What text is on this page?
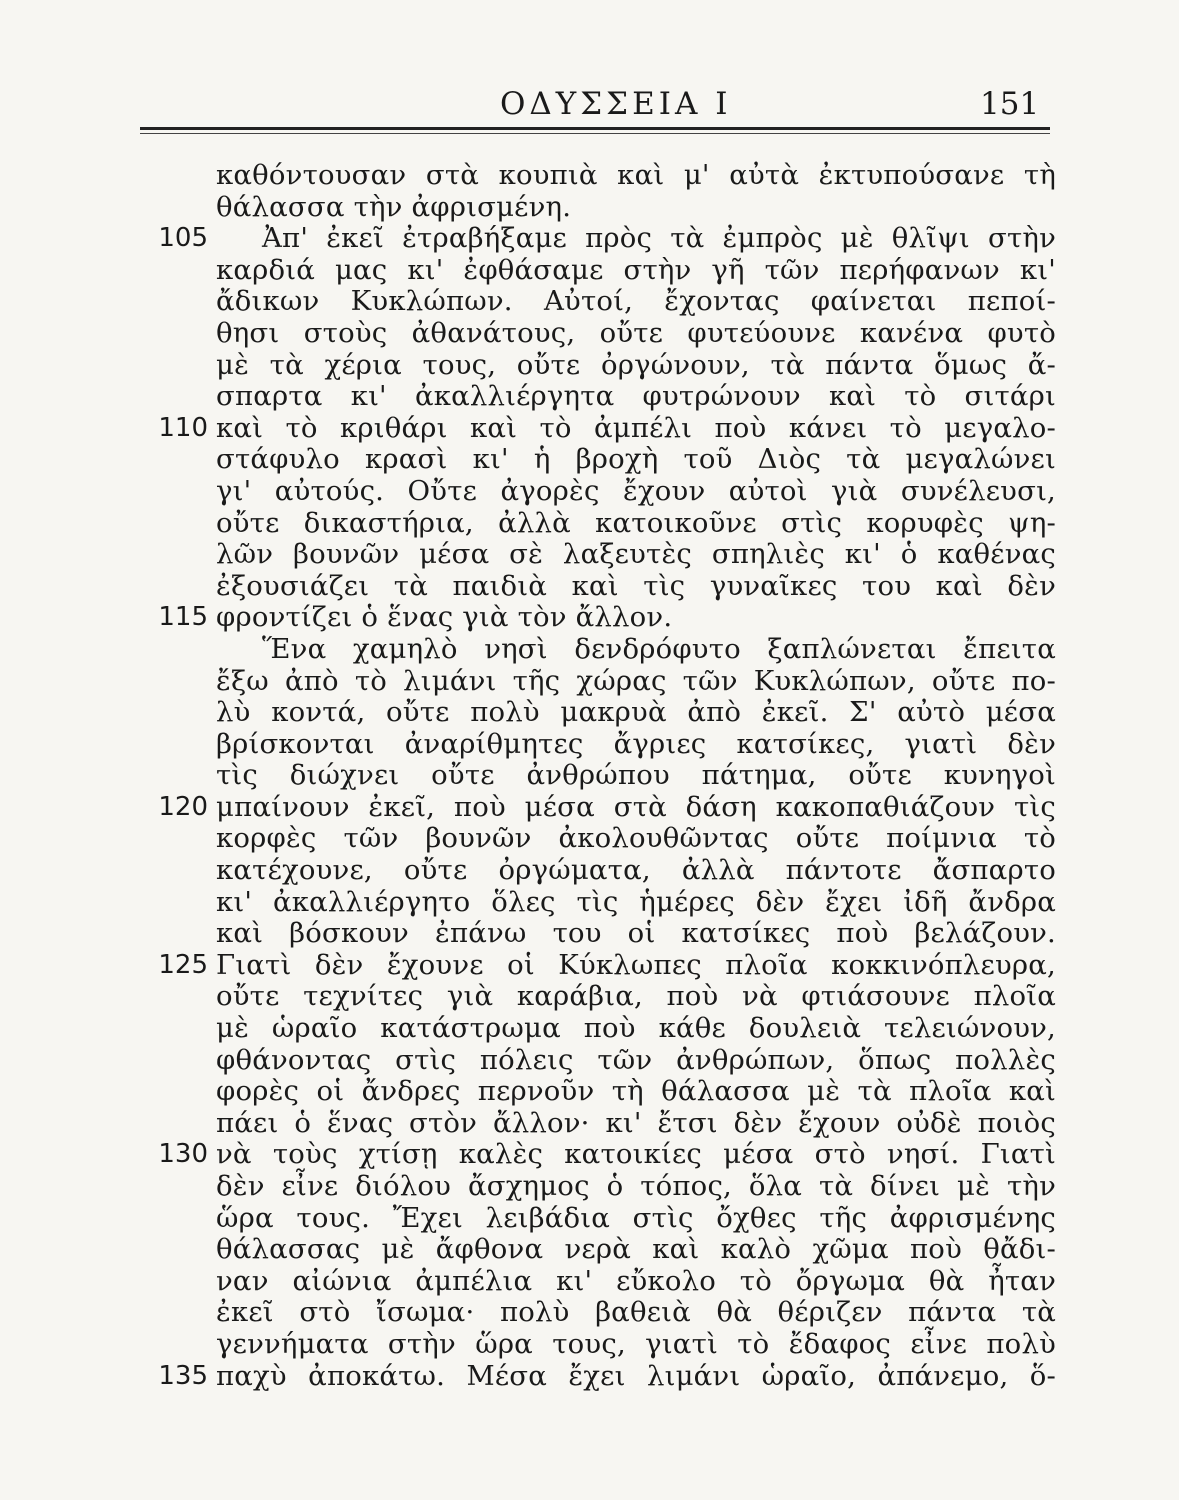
ΟΔΥΣΣΕΙΑ Ι	151
καθόντουσαν στὰ κουπιὰ καὶ μ' αὐτὰ ἐκτυπούσανε τὴ
θάλασσα τὴν ἀφρισμένη.
105 Ἀπ' ἐκεῖ ἐτραβήξαμε πρὸς τὰ ἐμπρὸς μὲ θλῖψι στὴν
καρδιά μας κι' ἐφθάσαμε στὴν γῆ τῶν περήφανων κι'
ἄδικων Κυκλώπων. Αὐτοί, ἔχοντας φαίνεται πεποί-
θησι στοὺς ἀθανάτους, οὔτε φυτεύουνε κανένα φυτὸ
μὲ τὰ χέρια τους, οὔτε ὀργώνουν, τὰ πάντα ὅμως ἄ-
σπαρτα κι' ἀκαλλιέργητα φυτρώνουν καὶ τὸ σιτάρι
110 καὶ τὸ κριθάρι καὶ τὸ ἀμπέλι ποὺ κάνει τὸ μεγαλο-
στάφυλο κρασὶ κι' ἡ βροχὴ τοῦ Διὸς τὰ μεγαλώνει
γι' αὐτούς. Οὔτε ἀγορὲς ἔχουν αὐτοὶ γιὰ συνέλευσι,
οὔτε δικαστήρια, ἀλλὰ κατοικοῦνε στὶς κορυφὲς ψη-
λῶν βουνῶν μέσα σὲ λαξευτὲς σπηλιὲς κι' ὁ καθένας
ἐξουσιάζει τὰ παιδιὰ καὶ τὶς γυναῖκες του καὶ δὲν
115 φροντίζει ὁ ἕνας γιὰ τὸν ἄλλον.
Ἕνα χαμηλὸ νησὶ δενδρόφυτο ξαπλώνεται ἔπειτα
ἔξω ἀπὸ τὸ λιμάνι τῆς χώρας τῶν Κυκλώπων, οὔτε πο-
λὺ κοντά, οὔτε πολὺ μακρυὰ ἀπὸ ἐκεῖ. Σ' αὐτὸ μέσα
βρίσκονται ἀναρίθμητες ἄγριες κατσίκες, γιατὶ δὲν
τὶς διώχνει οὔτε ἀνθρώπου πάτημα, οὔτε κυνηγοὶ
120 μπαίνουν ἐκεῖ, ποὺ μέσα στὰ δάση κακοπαθιάζουν τὶς
κορφὲς τῶν βουνῶν ἀκολουθῶντας οὔτε ποίμνια τὸ
κατέχουνε, οὔτε ὀργώματα, ἀλλὰ πάντοτε ἄσπαρτο
κι' ἀκαλλιέργητο ὅλες τὶς ἡμέρες δὲν ἔχει ἰδῆ ἄνδρα
καὶ βόσκουν ἐπάνω του οἱ κατσίκες ποὺ βελάζουν.
125 Γιατὶ δὲν ἔχουνε οἱ Κύκλωπες πλοῖα κοκκινόπλευρα,
οὔτε τεχνίτες γιὰ καράβια, ποὺ νὰ φτιάσουνε πλοῖα
μὲ ὡραῖο κατάστρωμα ποὺ κάθε δουλειὰ τελειώνουν,
φθάνοντας στὶς πόλεις τῶν ἀνθρώπων, ὅπως πολλὲς
φορὲς οἱ ἄνδρες περνοῦν τὴ θάλασσα μὲ τὰ πλοῖα καὶ
πάει ὁ ἕνας στὸν ἄλλον· κι' ἔτσι δὲν ἔχουν οὐδὲ ποιὸς
130 νὰ τοὺς χτίσῃ καλὲς κατοικίες μέσα στὸ νησί. Γιατὶ
δὲν εἶνε διόλου ἄσχημος ὁ τόπος, ὅλα τὰ δίνει μὲ τὴν
ὥρα τους. Ἔχει λειβάδια στὶς ὄχθες τῆς ἀφρισμένης
θάλασσας μὲ ἄφθονα νερὰ καὶ καλὸ χῶμα ποὺ θἄδι-
ναν αἰώνια ἀμπέλια κι' εὔκολο τὸ ὄργωμα θὰ ἦταν
ἐκεῖ στὸ ἴσωμα· πολὺ βαθειὰ θὰ θέριζεν πάντα τὰ
γεννήματα στὴν ὥρα τους, γιατὶ τὸ ἔδαφος εἶνε πολὺ
135 παχὺ ἀποκάτω. Μέσα ἔχει λιμάνι ὡραῖο, ἀπάνεμο, ὅ-
